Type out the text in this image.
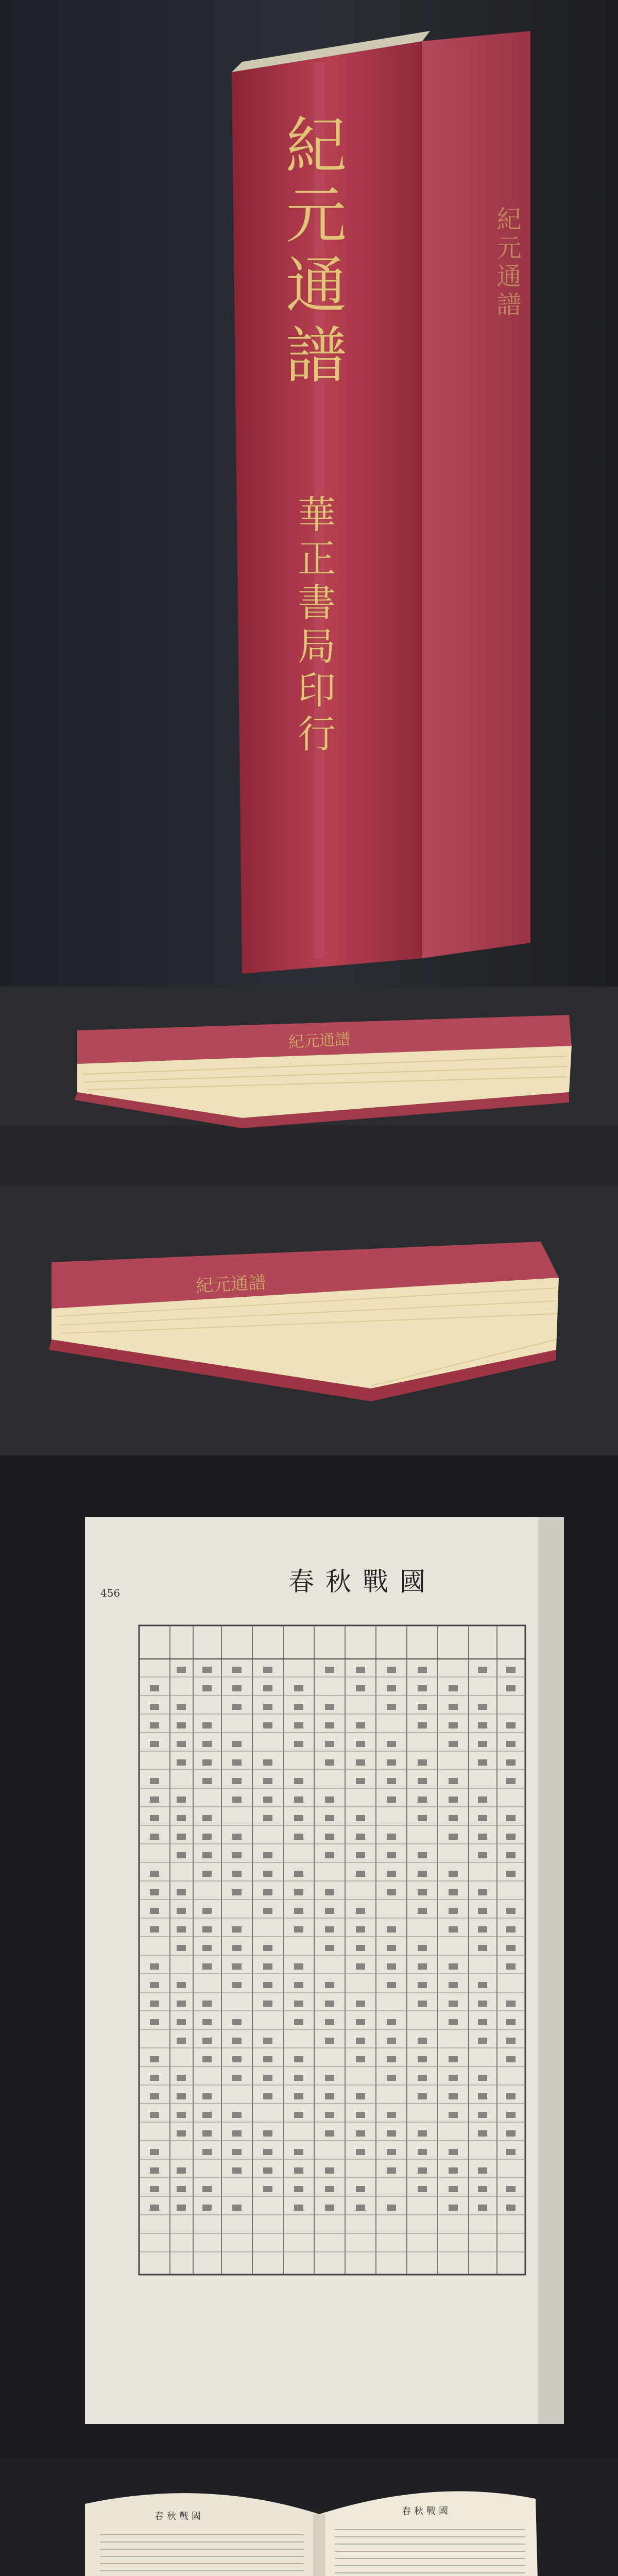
紀元通譜
華正書局印行
紀元通譜
紀元通譜
紀元通譜
春秋戰國
456
春秋戰國	春秋戰國
